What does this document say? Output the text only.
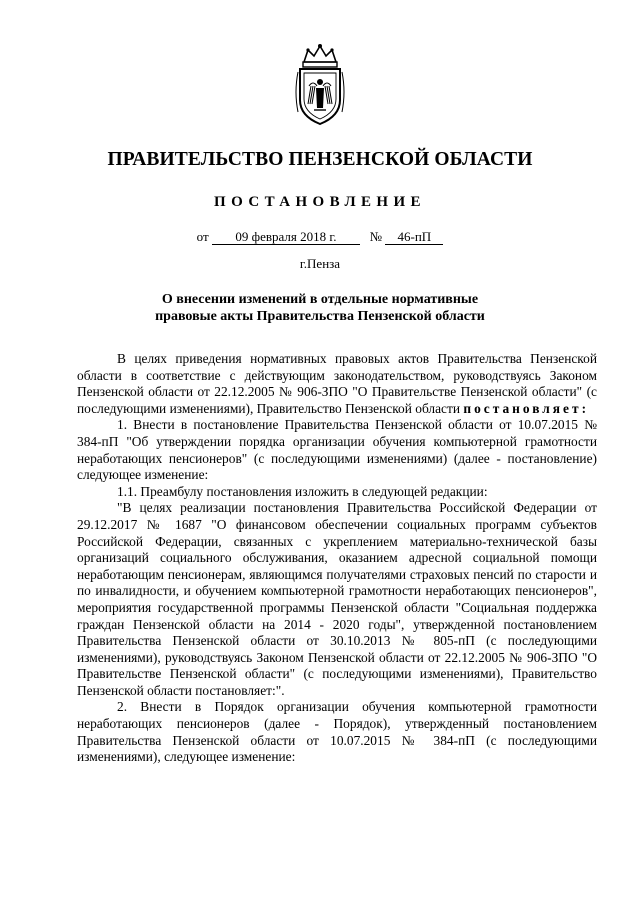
ПРАВИТЕЛЬСТВО ПЕНЗЕНСКОЙ ОБЛАСТИ
ПОСТАНОВЛЕНИЕ
от 09 февраля 2018 г.	№ 46-пП
г.Пенза
О внесении изменений в отдельные нормативные
правовые акты Правительства Пензенской области

В целях приведения нормативных правовых актов Правительства Пензенской области в соответствие с действующим законодательством, руководствуясь Законом Пензенской области от 22.12.2005 № 906-ЗПО "О Правительстве Пензенской области" (с последующими изменениями), Правительство Пензенской области постановляет:

1. Внести в постановление Правительства Пензенской области от 10.07.2015 № 384-пП "Об утверждении порядка организации обучения компьютерной грамотности неработающих пенсионеров" (с последующими изменениями) (далее - постановление) следующее изменение:

1.1. Преамбулу постановления изложить в следующей редакции:

"В целях реализации постановления Правительства Российской Федерации от 29.12.2017 № 1687 "О финансовом обеспечении социальных программ субъектов Российской Федерации, связанных с укреплением материально-технической базы организаций социального обслуживания, оказанием адресной социальной помощи неработающим пенсионерам, являющимся получателями страховых пенсий по старости и по инвалидности, и обучением компьютерной грамотности неработающих пенсионеров", мероприятия государственной программы Пензенской области "Социальная поддержка граждан Пензенской области на 2014 - 2020 годы", утвержденной постановлением Правительства Пензенской области от 30.10.2013 № 805-пП (с последующими изменениями), руководствуясь Законом Пензенской области от 22.12.2005 № 906-ЗПО "О Правительстве Пензенской области" (с последующими изменениями), Правительство Пензенской области постановляет:".

2. Внести в Порядок организации обучения компьютерной грамотности неработающих пенсионеров (далее - Порядок), утвержденный постановлением Правительства Пензенской области от 10.07.2015 № 384-пП (с последующими изменениями), следующее изменение:
